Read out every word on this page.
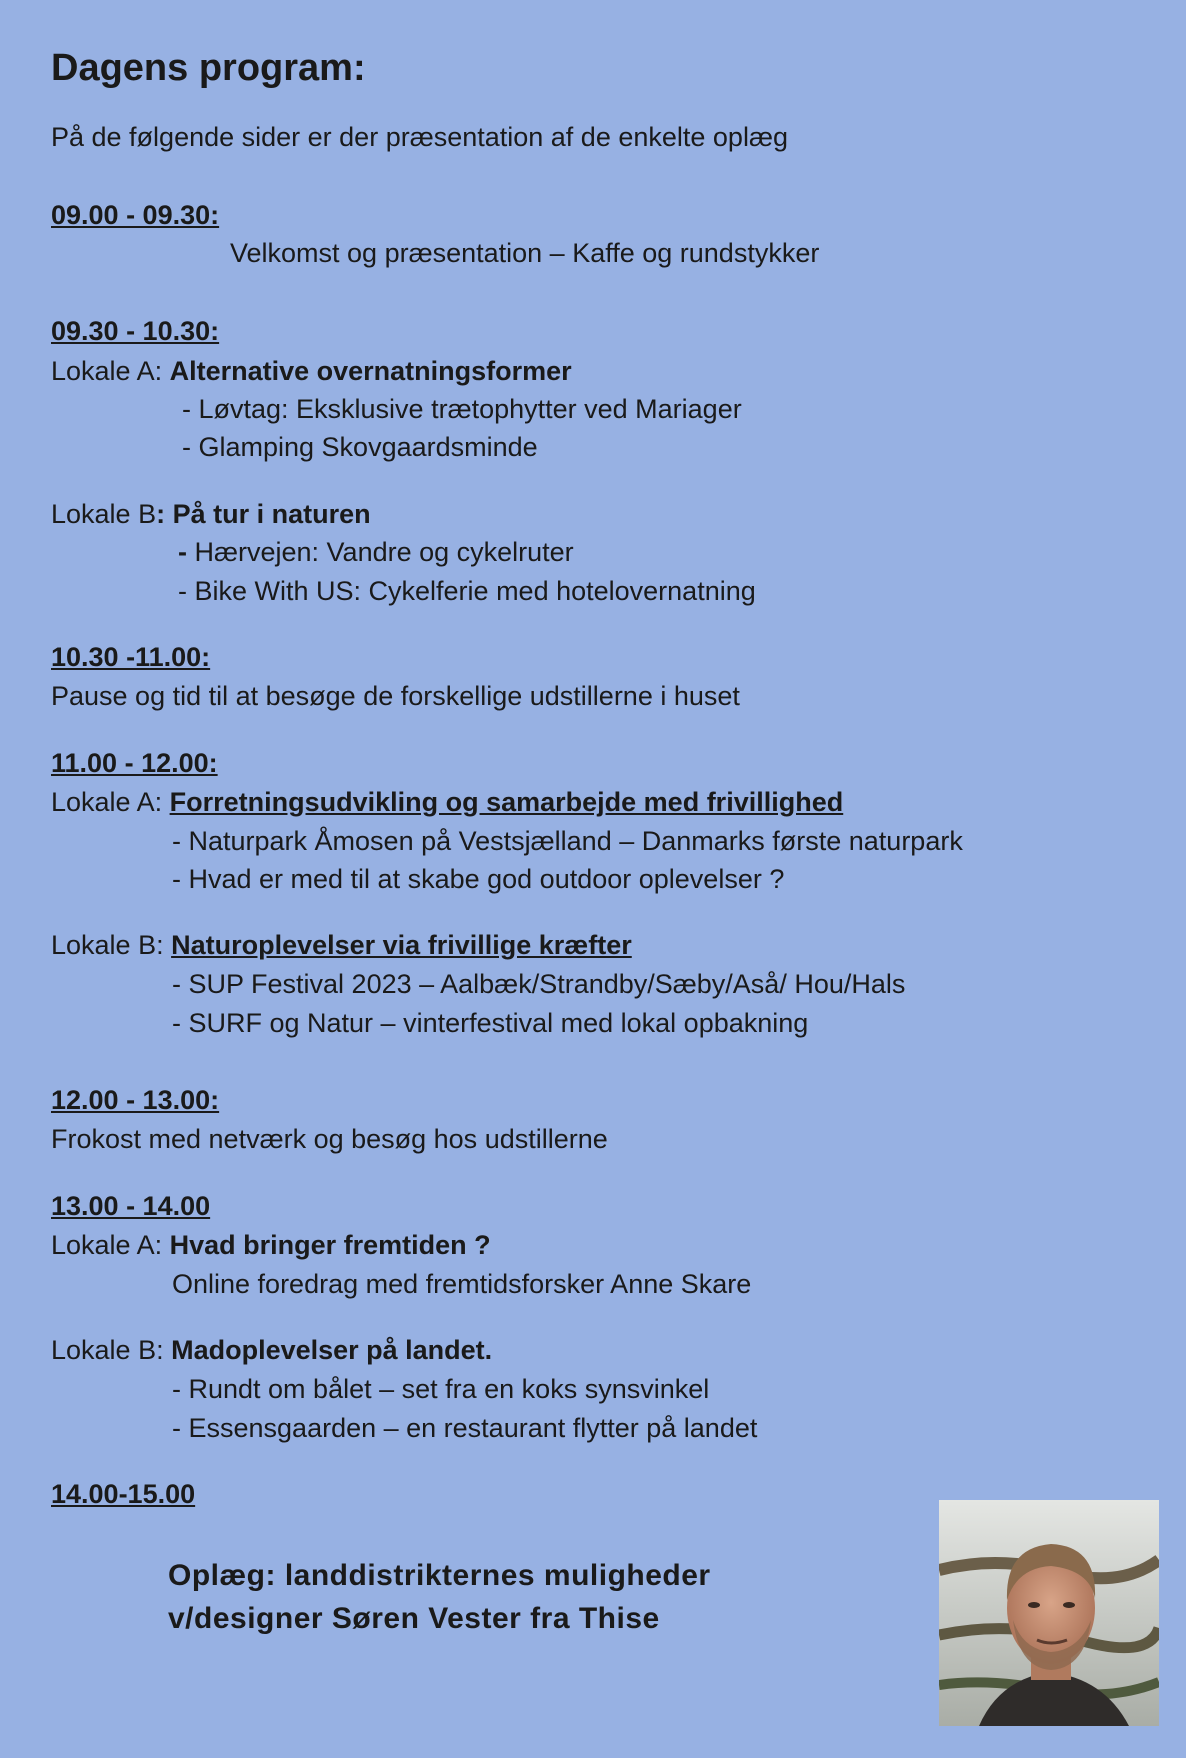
Dagens program:
På de følgende sider er der præsentation af de enkelte oplæg
09.00 - 09.30:
Velkomst og præsentation – Kaffe og rundstykker
09.30 - 10.30:
Lokale A: Alternative overnatningsformer
- Løvtag: Eksklusive trætophytter ved Mariager
- Glamping Skovgaardsminde
Lokale B: På tur i naturen
- Hærvejen: Vandre og cykelruter
- Bike With US: Cykelferie med hotelovernatning
10.30 -11.00:
Pause og tid til at besøge de forskellige udstillerne i huset
11.00 - 12.00:
Lokale A: Forretningsudvikling og samarbejde med frivillighed
- Naturpark Åmosen på Vestsjælland – Danmarks første naturpark
- Hvad er med til at skabe god outdoor oplevelser ?
Lokale B: Naturoplevelser via frivillige kræfter
- SUP Festival 2023 – Aalbæk/Strandby/Sæby/Aså/ Hou/Hals
- SURF og Natur – vinterfestival med lokal opbakning
12.00 - 13.00:
Frokost med netværk og besøg hos udstillerne
13.00 - 14.00
Lokale A: Hvad bringer fremtiden ?
Online foredrag med fremtidsforsker Anne Skare
Lokale B: Madoplevelser på landet.
- Rundt om bålet – set fra en koks synsvinkel
- Essensgaarden – en restaurant flytter på landet
14.00-15.00
Oplæg: landdistrikternes muligheder
v/designer Søren Vester fra Thise
